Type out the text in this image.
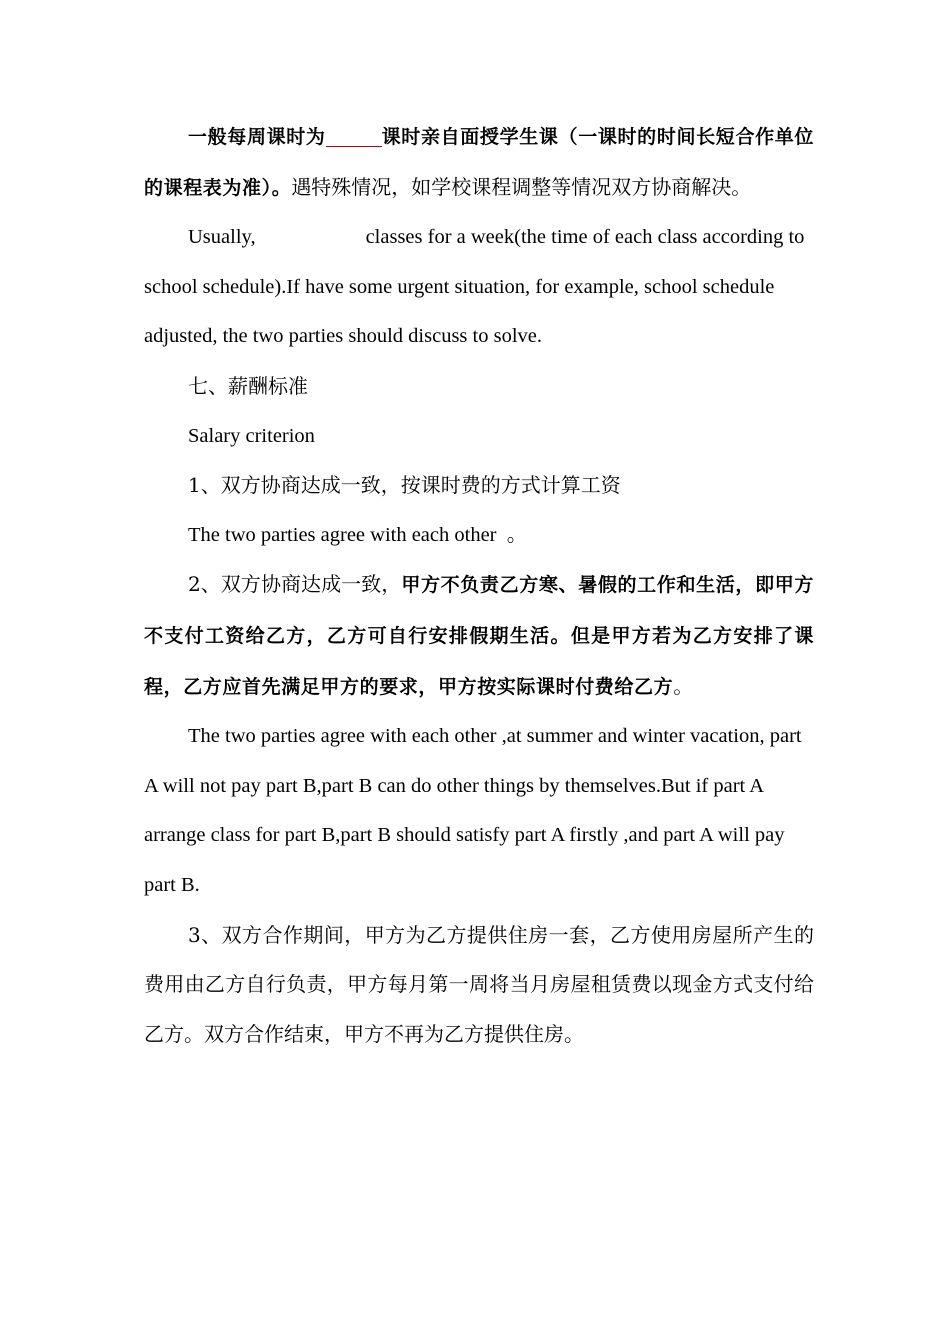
一般每周课时为	课时亲自面授学生课（一课时的时间长短合作单位的课程表为准）。遇特殊情况，如学校课程调整等情况双方协商解决。

Usually,	classes for a week(the time of each class according to school schedule).If have some urgent situation, for example, school schedule adjusted, the two parties should discuss to solve.

七、薪酬标准

Salary criterion

1、双方协商达成一致，按课时费的方式计算工资

The two parties agree with each other  。

2、双方协商达成一致，甲方不负责乙方寒、暑假的工作和生活，即甲方不支付工资给乙方，乙方可自行安排假期生活。但是甲方若为乙方安排了课程，乙方应首先满足甲方的要求，甲方按实际课时付费给乙方。

The two parties agree with each other ,at summer and winter vacation, part A will not pay part B,part B can do other things by themselves.But if part A arrange class for part B,part B should satisfy part A firstly ,and part A will pay part B.

3、双方合作期间，甲方为乙方提供住房一套，乙方使用房屋所产生的费用由乙方自行负责，甲方每月第一周将当月房屋租赁费以现金方式支付给乙方。双方合作结束，甲方不再为乙方提供住房。
